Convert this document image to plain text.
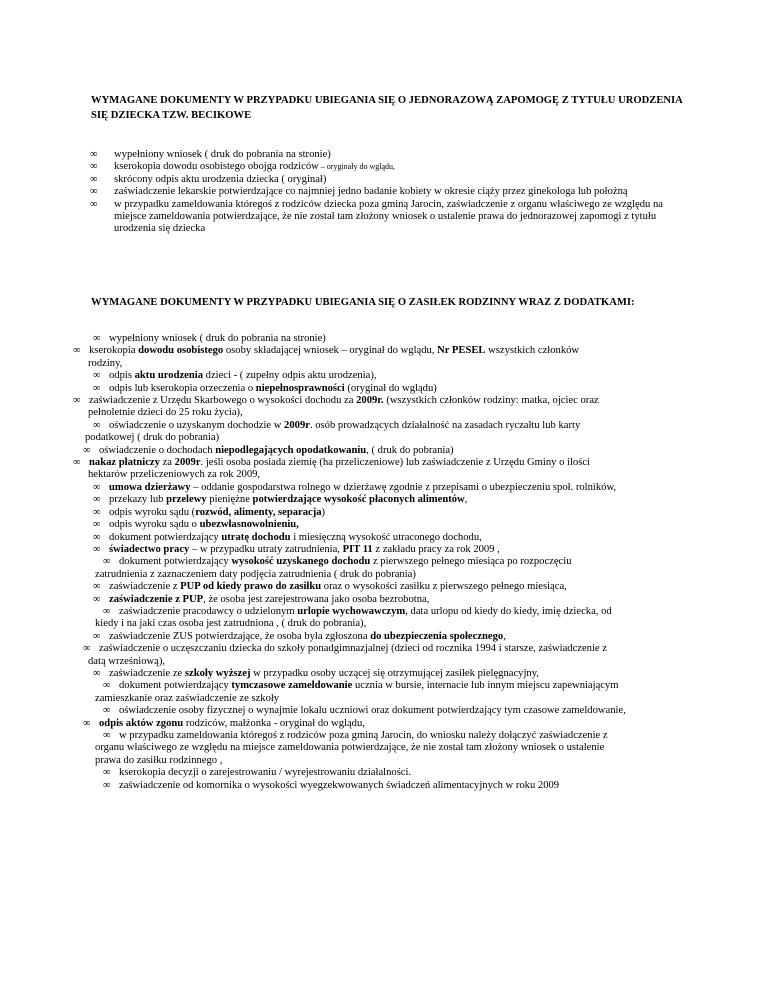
WYMAGANE DOKUMENTY W PRZYPADKU UBIEGANIA SIĘ O JEDNORAZOWĄ ZAPOMOGĘ Z TYTUŁU URODZENIA SIĘ DZIECKA TZW. BECIKOWE
∞ wypełniony wniosek ( druk do pobrania na stronie)
∞ kserokopia dowodu osobistego obojga rodziców – oryginały do wglądu,
∞ skrócony odpis aktu urodzenia dziecka ( oryginał)
∞ zaświadczenie lekarskie potwierdzające co najmniej jedno badanie kobiety w okresie ciąży przez ginekologa lub położną
∞ w przypadku zameldowania któregoś z rodziców dziecka poza gminą Jarocin, zaświadczenie z organu właściwego ze względu na miejsce zameldowania potwierdzające, że nie został tam złożony wniosek o ustalenie prawa do jednorazowej zapomogi z tytułu urodzenia się dziecka
WYMAGANE DOKUMENTY W PRZYPADKU UBIEGANIA SIĘ O ZASIŁEK RODZINNY WRAZ Z DODATKAMI:
∞ wypełniony wniosek ( druk do pobrania na stronie)
∞ kserokopia dowodu osobistego osoby składającej wniosek – oryginał do wglądu, Nr PESEL wszystkich członków
rodziny,
∞ odpis aktu urodzenia dzieci - ( zupełny odpis aktu urodzenia),
∞ odpis lub kserokopia orzeczenia o niepełnosprawności (oryginał do wglądu)
∞ zaświadczenie z Urzędu Skarbowego o wysokości dochodu za 2009r. (wszystkich członków rodziny: matka, ojciec oraz
pełnoletnie dzieci do 25 roku życia),
∞ oświadczenie o uzyskanym dochodzie w 2009r. osób prowadzących działalność na zasadach ryczałtu lub karty
podatkowej ( druk do pobrania)
∞ oświadczenie o dochodach niepodlegających opodatkowaniu, ( druk do pobrania)
∞ nakaz płatniczy za 2009r. jeśli osoba posiada ziemię (ha przeliczeniowe) lub zaświadczenie z Urzędu Gminy o ilości
hektarów przeliczeniowych za rok 2009,
∞ umowa dzierżawy – oddanie gospodarstwa rolnego w dzierżawę zgodnie z przepisami o ubezpieczeniu społ. rolników,
∞ przekazy lub przelewy pieniężne potwierdzające wysokość płaconych alimentów,
∞ odpis wyroku sądu (rozwód, alimenty, separacja)
∞ odpis wyroku sądu o ubezwłasnowolnieniu,
∞ dokument potwierdzający utratę dochodu i miesięczną wysokość utraconego dochodu,
∞ świadectwo pracy – w przypadku utraty zatrudnienia, PIT 11 z zakładu pracy za rok 2009 ,
∞ dokument potwierdzający wysokość uzyskanego dochodu z pierwszego pełnego miesiąca po rozpoczęciu
zatrudnienia z zaznaczeniem daty podjęcia zatrudnienia ( druk do pobrania)
∞ zaświadczenie z PUP od kiedy prawo do zasiłku oraz o wysokości zasiłku z pierwszego pełnego miesiąca,
∞ zaświadczenie z PUP, że osoba jest zarejestrowana jako osoba bezrobotna,
∞ zaświadczenie pracodawcy o udzielonym urlopie wychowawczym, data urlopu od kiedy do kiedy, imię dziecka, od
kiedy i na jaki czas osoba jest zatrudniona , ( druk do pobrania),
∞ zaświadczenie ZUS potwierdzające, że osoba była zgłoszona do ubezpieczenia społecznego,
∞ zaświadczenie o uczęszczaniu dziecka do szkoły ponadgimnazjalnej (dzieci od rocznika 1994 i starsze, zaświadczenie z
datą wrześniową),
∞ zaświadczenie ze szkoły wyższej w przypadku osoby uczącej się otrzymującej zasiłek pielęgnacyjny,
∞ dokument potwierdzający tymczasowe zameldowanie ucznia w bursie, internacie lub innym miejscu zapewniającym
zamieszkanie oraz zaświadczenie ze szkoły
∞ oświadczenie osoby fizycznej o wynajmie lokalu uczniowi oraz dokument potwierdzający tym czasowe zameldowanie,
∞ odpis aktów zgonu rodziców, małżonka - oryginał do wglądu,
∞ w przypadku zameldowania któregoś z rodziców poza gminą Jarocin, do wniosku należy dołączyć zaświadczenie z
organu właściwego ze względu na miejsce zameldowania potwierdzające, że nie został tam złożony wniosek o ustalenie
prawa do zasiłku rodzinnego ,
∞ kserokopia decyzji o zarejestrowaniu / wyrejestrowaniu działalności.
∞ zaświadczenie od komornika o wysokości wyegzekwowanych świadczeń alimentacyjnych w roku 2009
